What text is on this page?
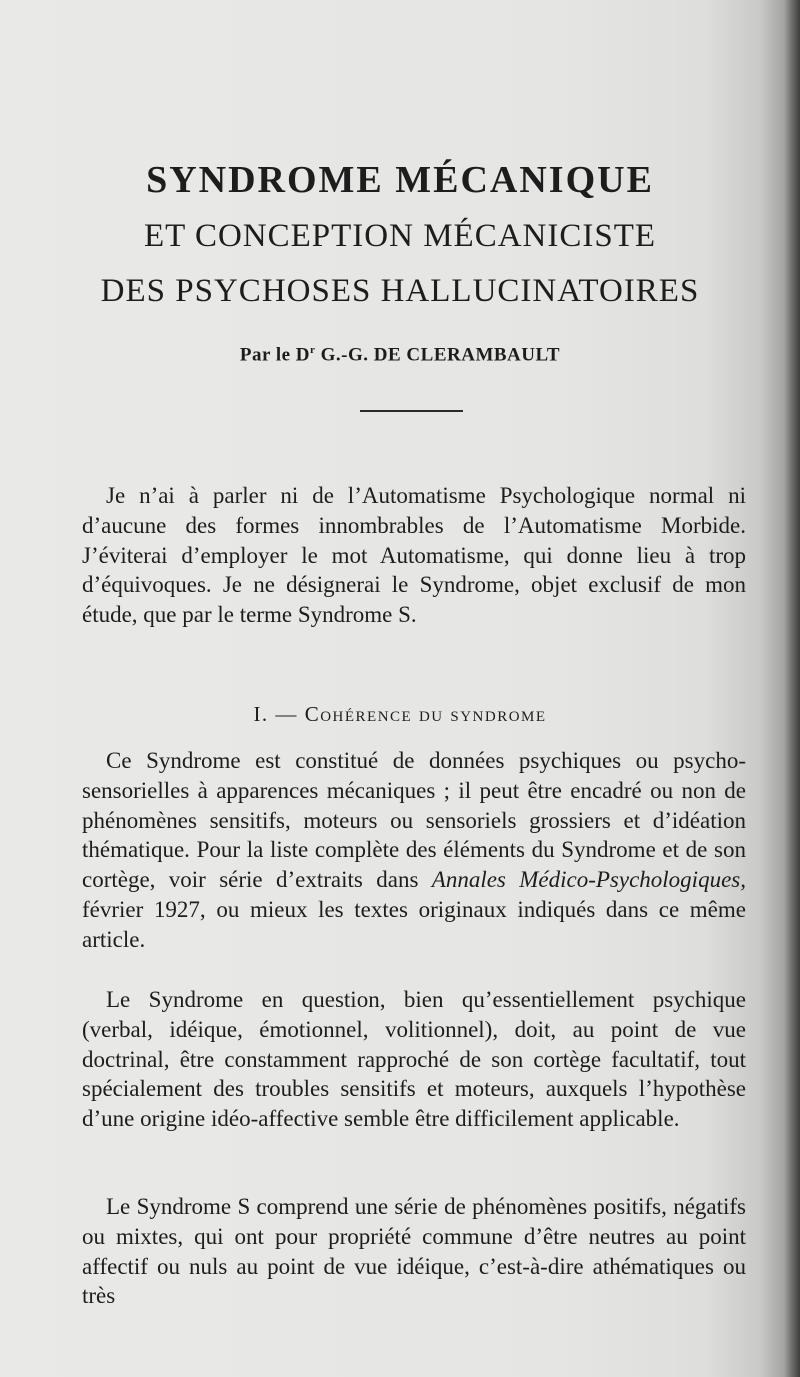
SYNDROME MÉCANIQUE
ET CONCEPTION MÉCANICISTE
DES PSYCHOSES HALLUCINATOIRES
Par le $D^r$ G.-G. DE CLERAMBAULT
Je n’ai à parler ni de l’Automatisme Psychologique normal ni d’aucune des formes innombrables de l’Automatisme Morbide. J’éviterai d’employer le mot Automatisme, qui donne lieu à trop d’équivoques. Je ne désignerai le Syndrome, objet exclusif de mon étude, que par le terme Syndrome S.
I. — Cohérence du syndrome
Ce Syndrome est constitué de données psychiques ou psycho-sensorielles à apparences mécaniques ; il peut être encadré ou non de phénomènes sensitifs, moteurs ou sensoriels grossiers et d’idéation thématique. Pour la liste complète des éléments du Syndrome et de son cortège, voir série d’extraits dans Annales Médico-Psychologiques, février 1927, ou mieux les textes originaux indiqués dans ce même article.
Le Syndrome en question, bien qu’essentiellement psychique (verbal, idéique, émotionnel, volitionnel), doit, au point de vue doctrinal, être constamment rapproché de son cortège facultatif, tout spécialement des troubles sensitifs et moteurs, auxquels l’hypothèse d’une origine idéo-affective semble être difficilement applicable.
Le Syndrome S comprend une série de phénomènes positifs, négatifs ou mixtes, qui ont pour propriété commune d’être neutres au point affectif ou nuls au point de vue idéique, c’est-à-dire athématiques ou très
